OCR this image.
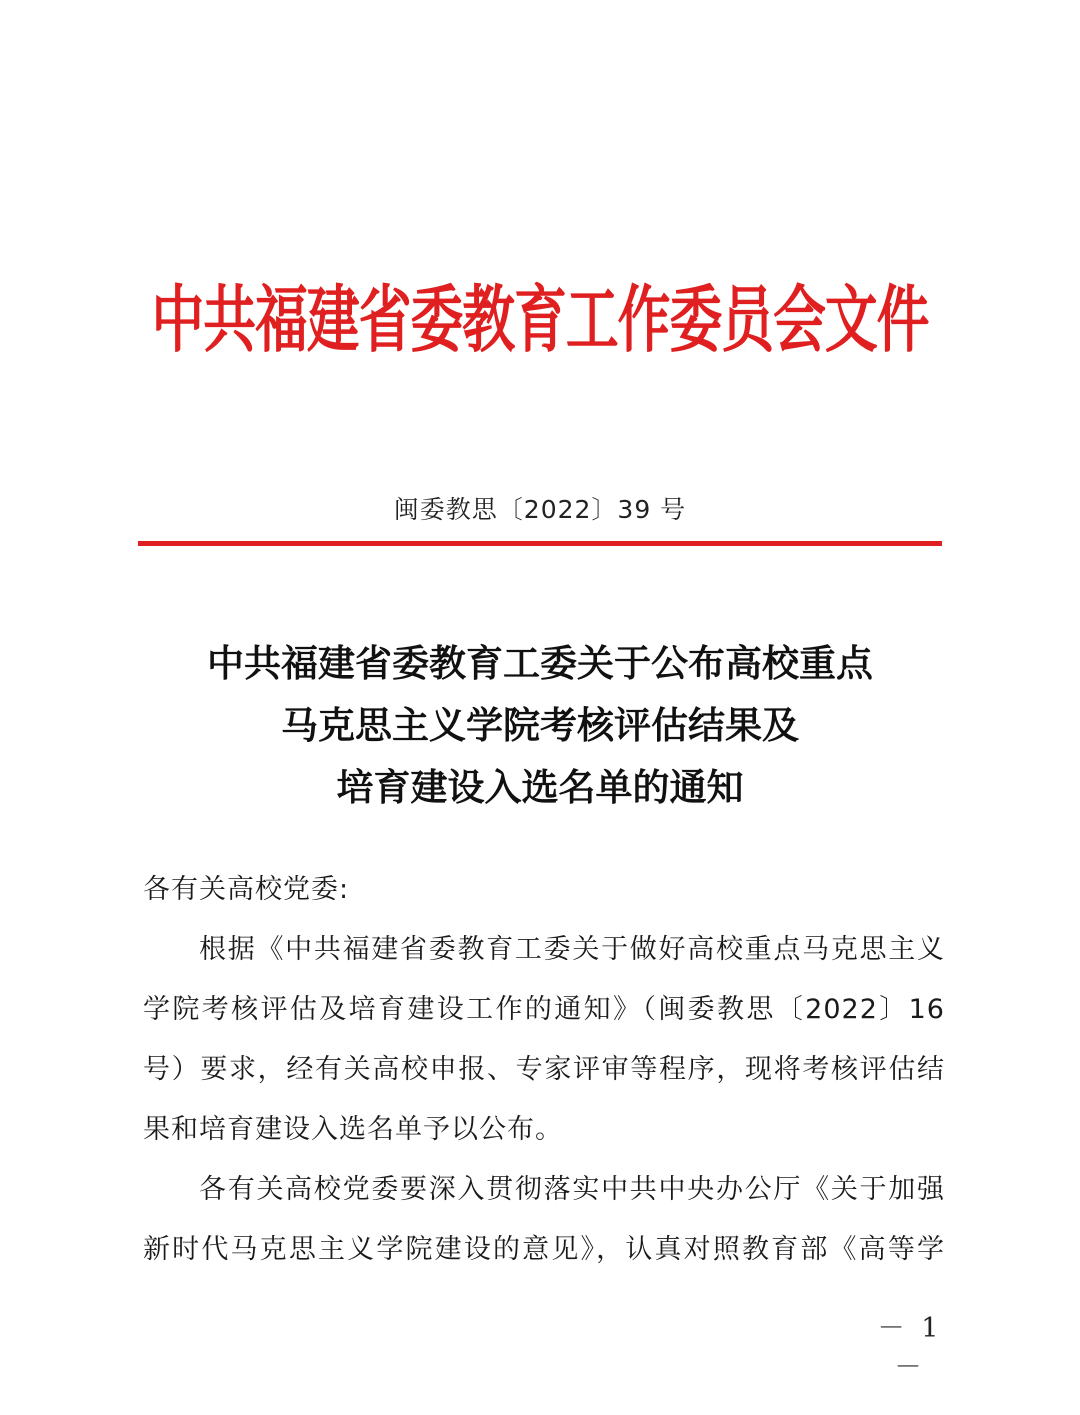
中共福建省委教育工作委员会文件
闽委教思〔2022〕39 号
中共福建省委教育工委关于公布高校重点
马克思主义学院考核评估结果及
培育建设入选名单的通知
各有关高校党委:
根据《中共福建省委教育工委关于做好高校重点马克思主义
学院考核评估及培育建设工作的通知》（闽委教思〔2022〕16
号）要求，经有关高校申报、专家评审等程序，现将考核评估结
果和培育建设入选名单予以公布。
各有关高校党委要深入贯彻落实中共中央办公厅《关于加强
新时代马克思主义学院建设的意见》，认真对照教育部《高等学
－ 1 －
